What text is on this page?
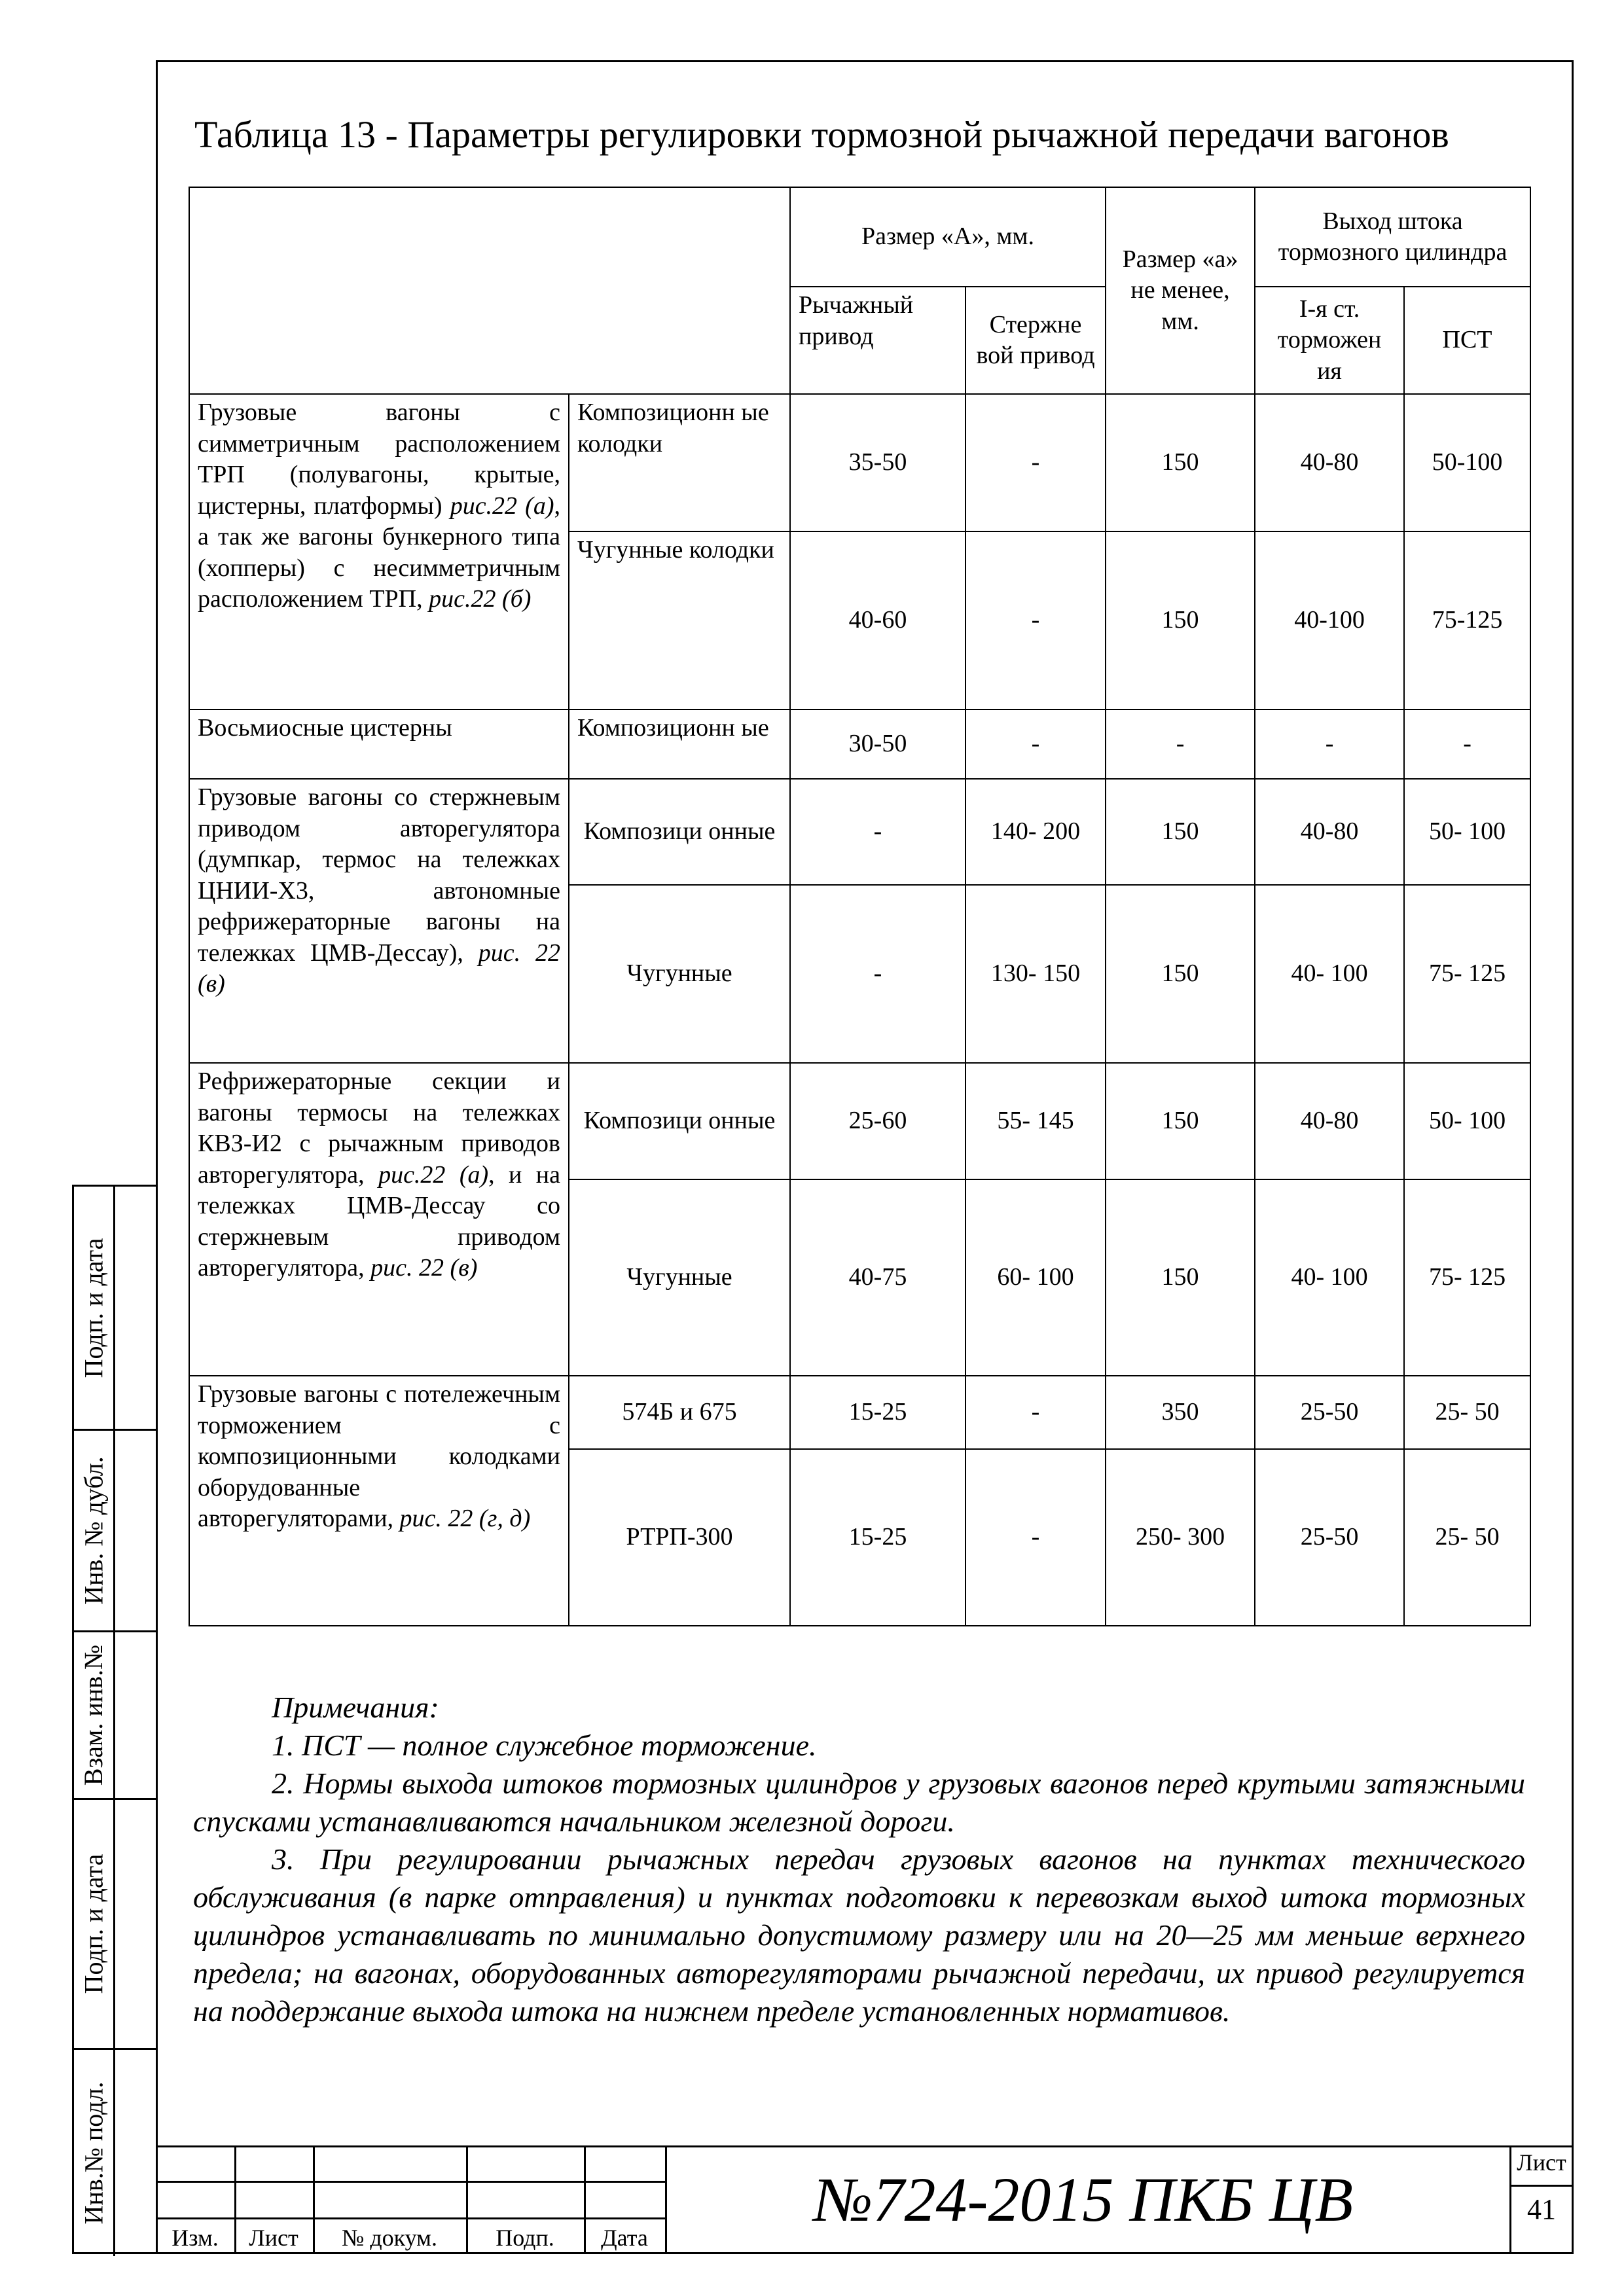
Таблица 13 - Параметры регулировки тормозной рычажной передачи вагонов
		Размер «А», мм.		Размер «а» не менее, мм.	Выход штока тормозного цилиндра	
		Рычажный привод	Стержне вой привод		I-я ст. торможен ия	ПСТ
Грузовые вагоны с симметричным расположением ТРП (полувагоны, крытые, цистерны, платформы) рис.22 (а), а так же вагоны бункерного типа (хопперы) с несимметричным расположением ТРП, рис.22 (б)	Композиционн ые колодки	35-50	-	150	40-80	50-100
	Чугунные колодки	40-60	-	150	40-100	75-125
Восьмиосные цистерны	Композиционн ые	30-50	-	-	-	-
Грузовые вагоны со стержневым приводом авторегулятора (думпкар, термос на тележках ЦНИИ-Х3, автономные рефрижераторные вагоны на тележках ЦМВ-Дессау), рис. 22 (в)	Композици онные	-	140- 200	150	40-80	50- 100
	Чугунные	-	130- 150	150	40- 100	75- 125
Рефрижераторные секции и вагоны термосы на тележках КВЗ-И2 с рычажным приводов авторегулятора, рис.22 (а), и на тележках ЦМВ-Дессау со стержневым приводом авторегулятора, рис. 22 (в)	Композици онные	25-60	55- 145	150	40-80	50- 100
	Чугунные	40-75	60- 100	150	40- 100	75- 125
Грузовые вагоны с потележечным торможением с композиционными колодками оборудованные авторегуляторами, рис. 22 (г, д)	574Б и 675	15-25	-	350	25-50	25- 50
	РТРП-300	15-25	-	250- 300	25-50	25- 50

Примечания:

1. ПСТ — полное служебное торможение.

2. Нормы выхода штоков тормозных цилиндров у грузовых вагонов перед крутыми затяжными спусками устанавливаются начальником железной дороги.

3. При регулировании рычажных передач грузовых вагонов на пунктах технического обслуживания (в парке отправления) и пунктах подготовки к перевозкам выход штока тормозных цилиндров устанавливать по минимально допустимому размеру или на 20—25 мм меньше верхнего предела; на вагонах, оборудованных авторегуляторами рычажной передачи, их привод регулируется на поддержание выхода штока на нижнем пределе установленных нормативов.

Подп. и дата
Инв. № дубл.
Взам. инв.№
Подп. и дата
Инв.№ подл.
Изм.	Лист	№ докум.	Подп.	Дата
№724-2015 ПКБ ЦВ
Лист
41
